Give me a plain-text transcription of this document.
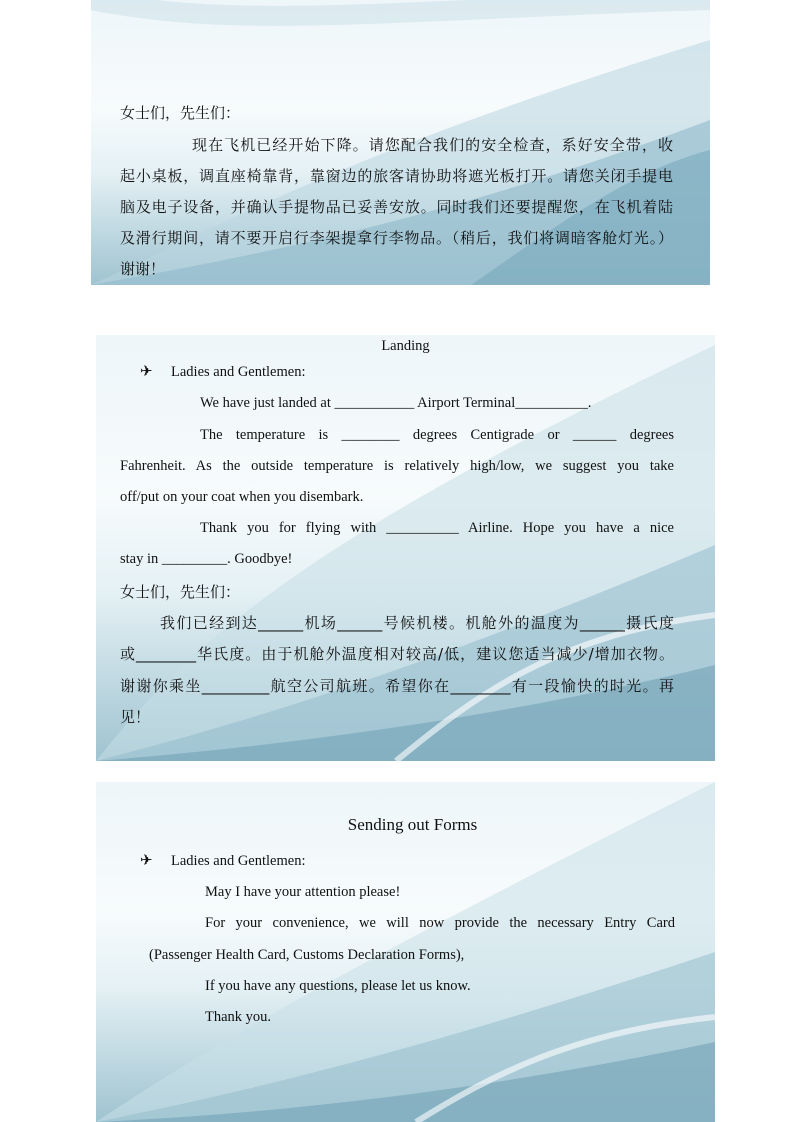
女士们，先生们：
现在飞机已经开始下降。请您配合我们的安全检查，系好安全带，收
起小桌板，调直座椅靠背，靠窗边的旅客请协助将遮光板打开。请您关闭手提电
脑及电子设备，并确认手提物品已妥善安放。同时我们还要提醒您，在飞机着陆
及滑行期间，请不要开启行李架提拿行李物品。（稍后，我们将调暗客舱灯光。）
谢谢！
Landing
✈ Ladies and Gentlemen:
We have just landed at ___________ Airport Terminal__________.
The temperature is ________ degrees Centigrade or ______ degrees
Fahrenheit. As the outside temperature is relatively high/low, we suggest you take
off/put on your coat when you disembark.
Thank you for flying with __________ Airline. Hope you have a nice
stay in _________. Goodbye!
女士们，先生们：
我们已经到达______机场______号候机楼。机舱外的温度为______摄氏度
或________华氏度。由于机舱外温度相对较高/低，建议您适当减少/增加衣物。
谢谢你乘坐_________航空公司航班。希望你在________有一段愉快的时光。再
见！
Sending out Forms
✈ Ladies and Gentlemen:
May I have your attention please!
For your convenience, we will now provide the necessary Entry Card
(Passenger Health Card, Customs Declaration Forms),
If you have any questions, please let us know.
Thank you.
